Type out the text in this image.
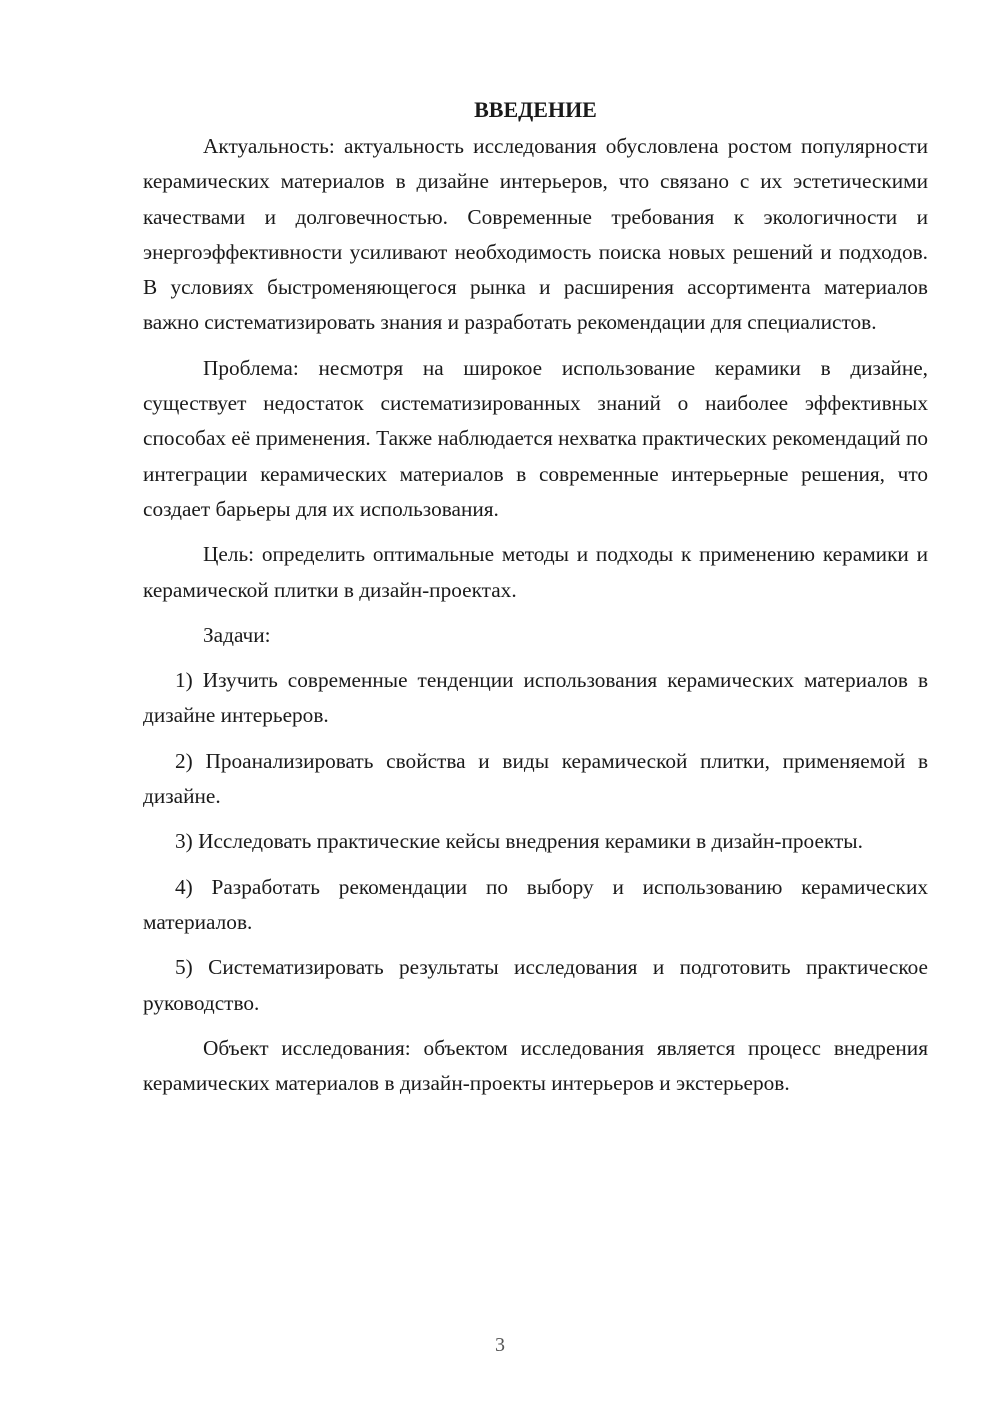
ВВЕДЕНИЕ

Актуальность: актуальность исследования обусловлена ростом популярности керамических материалов в дизайне интерьеров, что связано с их эстетическими качествами и долговечностью. Современные требования к экологичности и энергоэффективности усиливают необходимость поиска новых решений и подходов. В условиях быстроменяющегося рынка и расширения ассортимента материалов важно систематизировать знания и разработать рекомендации для специалистов.

Проблема: несмотря на широкое использование керамики в дизайне, существует недостаток систематизированных знаний о наиболее эффективных способах её применения. Также наблюдается нехватка практических рекомендаций по интеграции керамических материалов в современные интерьерные решения, что создает барьеры для их использования.

Цель: определить оптимальные методы и подходы к применению керамики и керамической плитки в дизайн-проектах.

Задачи:

1) Изучить современные тенденции использования керамических материалов в дизайне интерьеров.

2) Проанализировать свойства и виды керамической плитки, применяемой в дизайне.

3) Исследовать практические кейсы внедрения керамики в дизайн-проекты.

4) Разработать рекомендации по выбору и использованию керамических материалов.

5) Систематизировать результаты исследования и подготовить практическое руководство.

Объект исследования: объектом исследования является процесс внедрения керамических материалов в дизайн-проекты интерьеров и экстерьеров.

3
